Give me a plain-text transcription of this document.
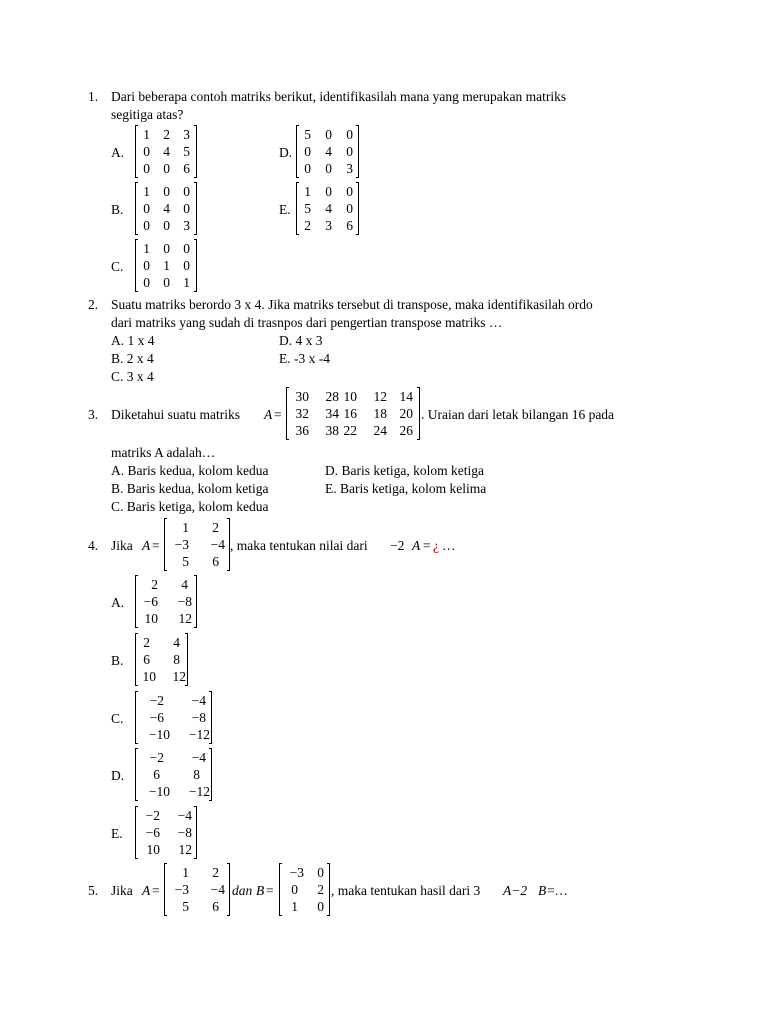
1. Dari beberapa contoh matriks berikut, identifikasilah mana yang merupakan matriks
segitiga atas?
A.
1 2 3
0 4 5
0 0 6
D.
5 0 0
0 4 0
0 0 3
B.
1 0 0
0 4 0
0 0 3
E.
1 0 0
5 4 0
2 3 6
C.
1 0 0
0 1 0
0 0 1
2. Suatu matriks berordo 3 x 4. Jika matriks tersebut di transpose, maka identifikasilah ordo
dari matriks yang sudah di trasnpos dari pengertian transpose matriks …
A. 1 x 4	D. 4 x 3
B. 2 x 4	E. -3 x -4
C. 3 x 4
3. Diketahui suatu matriks A =
30	28 10	12 14
32	34 16	18 20
36	38 22	24 26
. Uraian dari letak bilangan 16 pada
matriks A adalah…
A. Baris kedua, kolom kedua	D. Baris ketiga, kolom ketiga
B. Baris kedua, kolom ketiga	E. Baris ketiga, kolom kelima
C. Baris ketiga, kolom kedua
4. Jika A =
1	2
−3	−4
5	6
, maka tentukan nilai dari −2 A = ¿ …
A.
2	4
−6	−8
10	12
B.
2	4
6	8
10	12
C.
−2	−4
−6	−8
−10	−12
D.
−2	−4
6	8
−10	−12
E.
−2	−4
−6	−8
10	12
5. Jika A =
1	2
−3	−4
5	6
dan B =
−3 0
0 2
1 0
, maka tentukan hasil dari 3 A−2 B=…
